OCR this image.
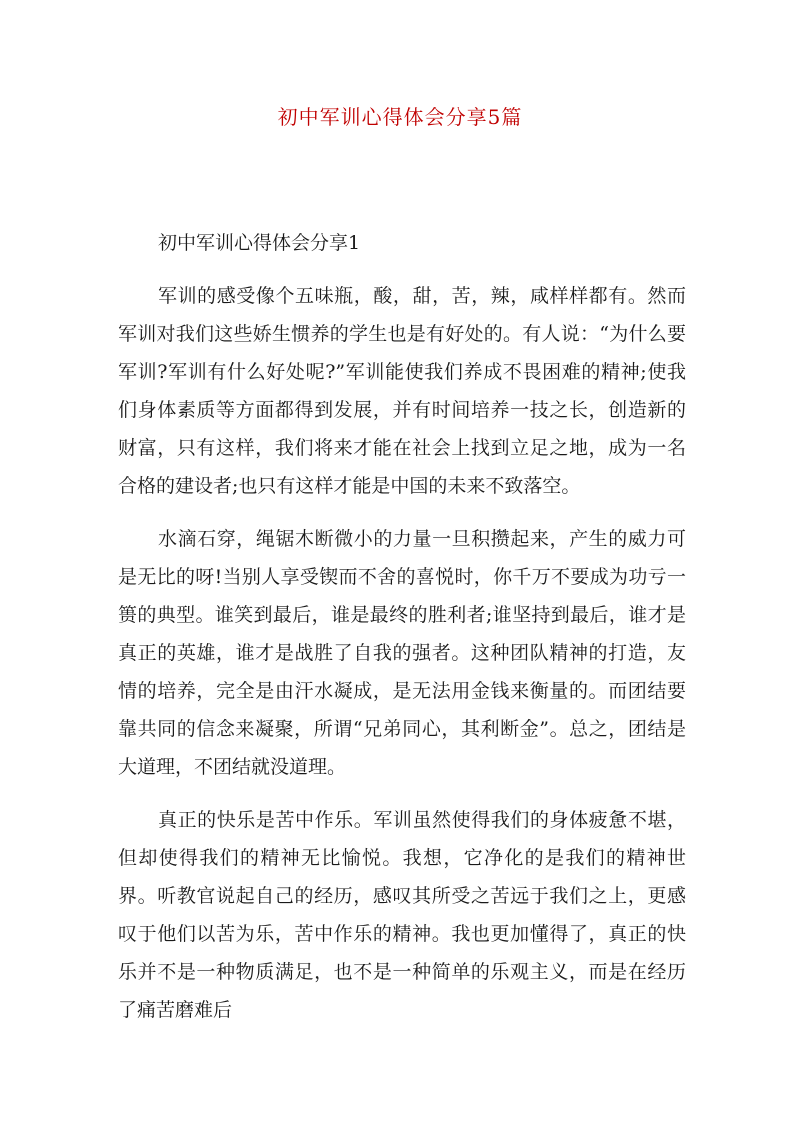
初中军训心得体会分享5篇

初中军训心得体会分享1

军训的感受像个五味瓶，酸，甜，苦，辣，咸样样都有。然而军训对我们这些娇生惯养的学生也是有好处的。有人说：“为什么要军训?军训有什么好处呢?”军训能使我们养成不畏困难的精神;使我们身体素质等方面都得到发展，并有时间培养一技之长，创造新的财富，只有这样，我们将来才能在社会上找到立足之地，成为一名合格的建设者;也只有这样才能是中国的未来不致落空。

水滴石穿，绳锯木断微小的力量一旦积攒起来，产生的威力可是无比的呀!当别人享受锲而不舍的喜悦时，你千万不要成为功亏一篑的典型。谁笑到最后，谁是最终的胜利者;谁坚持到最后，谁才是真正的英雄，谁才是战胜了自我的强者。这种团队精神的打造，友情的培养，完全是由汗水凝成，是无法用金钱来衡量的。而团结要靠共同的信念来凝聚，所谓“兄弟同心，其利断金”。总之，团结是大道理，不团结就没道理。

真正的快乐是苦中作乐。军训虽然使得我们的身体疲惫不堪，但却使得我们的精神无比愉悦。我想，它净化的是我们的精神世界。听教官说起自己的经历，感叹其所受之苦远于我们之上，更感叹于他们以苦为乐，苦中作乐的精神。我也更加懂得了，真正的快乐并不是一种物质满足，也不是一种简单的乐观主义，而是在经历了痛苦磨难后
